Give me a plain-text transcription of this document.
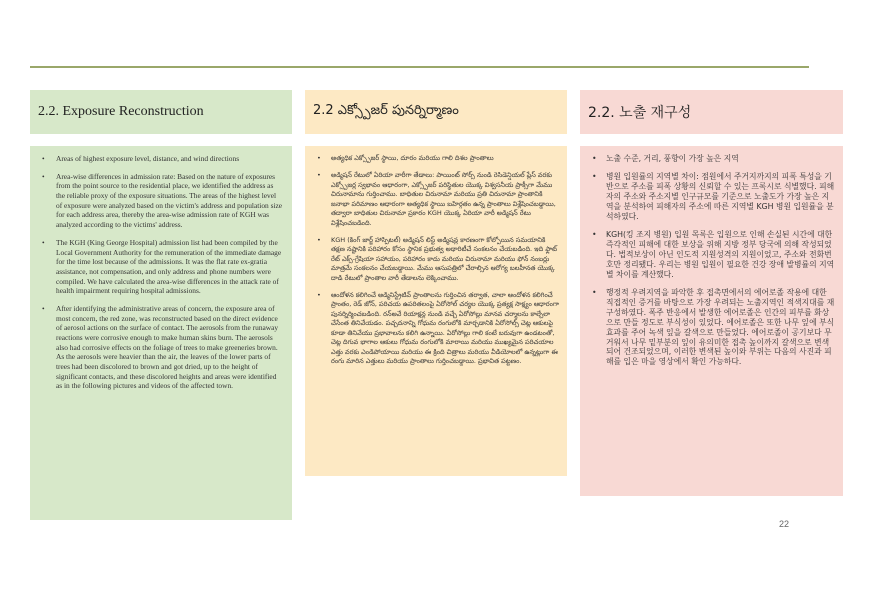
2.2. Exposure Reconstruction
• Areas of highest exposure level, distance, and wind directions
• Area-wise differences in admission rate: Based on the nature of exposures from the point source to the residential place, we identified the address as the reliable proxy of the exposure situations. The areas of the highest level of exposure were analyzed based on the victim's address and population size for each address area, thereby the area-wise admission rate of KGH was analyzed according to the victims' address.
• The KGH (King George Hospital) admission list had been compiled by the Local Government Authority for the remuneration of the immediate damage for the time lost because of the admissions. It was the flat rate ex-gratia assistance, not compensation, and only address and phone numbers were compiled. We have calculated the area-wise differences in the attack rate of health impairment requiring hospital admissions.
• After identifying the administrative areas of concern, the exposure area of most concern, the red zone, was reconstructed based on the direct evidence of aerosol actions on the surface of contact. The aerosols from the runaway reactions were corrosive enough to make human skins burn. The aerosols also had corrosive effects on the foliage of trees to make greeneries brown. As the aerosols were heavier than the air, the leaves of the lower parts of trees had been discolored to brown and got dried, up to the height of significant contacts, and these discolored heights and areas were identified as in the following pictures and videos of the affected town.
2.2 ఎక్స్పోజర్ పునర్నిర్మాణం
• అత్యధిక ఎక్స్పోజర్ స్థాయి, దూరం మరియు గాలి దిశల ప్రాంతాలు
• అడ్మిషన్ రేటులో ఏరియా వారీగా తేడాలు: పాయింట్ సోర్స్ నుండి రెసిడెన్షియల్ ప్లేస్ వరకు ఎక్స్పోజర్ల స్వభావం ఆధారంగా, ఎక్స్పోజర్ పరిస్థితుల యొక్క విశ్వసనీయ ప్రాక్సీగా మేము చిరునామాను గుర్తించాము. బాధితుల చిరునామా మరియు ప్రతి చిరునామా ప్రాంతానికి జనాభా పరిమాణం ఆధారంగా అత్యధిక స్థాయి బహిర్గతం ఉన్న ప్రాంతాలు విశ్లేషించబడ్డాయి, తద్వారా బాధితుల చిరునామా ప్రకారం KGH యొక్క ఏరియా వారీ అడ్మిషన్ రేటు విశ్లేషించబడింది.
• KGH (కింగ్ జార్జ్ హాస్పిటల్) అడ్మిషన్ లిస్ట్ అడ్మిషన్ల కారణంగా కోల్పోయిన సమయానికి తక్షణ నష్టానికి పరిహారం కోసం స్థానిక ప్రభుత్వ అథారిటీచే సంకలనం చేయబడింది. ఇది ఫ్లాట్ రేట్ ఎక్స్-గ్రేషియా సహాయం, పరిహారం కాదు మరియు చిరునామా మరియు ఫోన్ నంబర్లు మాత్రమే సంకలనం చేయబడ్డాయి. మేము ఆసుపత్రిలో చేరాల్సిన ఆరోగ్య బలహీనత యొక్క దాడి రేటులో ప్రాంతాల వారీ తేడాలను లెక్కించాము.
• ఆందోళన కలిగించే అడ్మినిస్ట్రేటివ్ ప్రాంతాలను గుర్తించిన తర్వాత, చాలా ఆందోళన కలిగించే ప్రాంతం, రెడ్ జోన్, పరిచయ ఉపరితలంపై ఏరోసోల్ చర్యల యొక్క ప్రత్యక్ష సాక్ష్యం ఆధారంగా పునర్నిర్మించబడింది. రన్‌అవే రియాక్షన్ల నుండి వచ్చే ఏరోసోల్లు మానవ చర్మాలను కాల్చేలా చేసేంత తినివేయడం. పచ్చదనాన్ని గోధుమ రంగులోకి మార్చడానికి ఏరోసోల్స్ చెట్ల ఆకులపై కూడా తినివేయు ప్రభావాలను కలిగి ఉన్నాయి. ఏరోసోల్లు గాలి కంటే బరువుగా ఉండటంతో, చెట్ల దిగువ భాగాల ఆకులు గోధుమ రంగులోకి మారాయి మరియు ముఖ్యమైన పరిచయాల ఎత్తు వరకు ఎండిపోయాయి మరియు ఈ క్రింది చిత్రాలు మరియు వీడియోలలో ఉన్నట్లుగా ఈ రంగు మారిన ఎత్తులు మరియు ప్రాంతాలు గుర్తించబడ్డాయి. ప్రభావిత పట్టణం.
2.2. 노출 재구성
• 노출 수준, 거리, 풍향이 가장 높은 지역
• 병원 입원률의 지역별 차이: 점원에서 주거지까지의 피폭 특성을 기반으로 주소를 피폭 상황의 신뢰할 수 있는 프록시로 식별했다. 피해자의 주소와 주소지별 인구규모를 기준으로 노출도가 가장 높은 지역을 분석하여 피해자의 주소에 따른 지역별 KGH 병원 입원률을 분석하였다.
• KGH(킹 조지 병원) 입원 목록은 입원으로 인해 손실된 시간에 대한 즉각적인 피해에 대한 보상을 위해 지방 정부 당국에 의해 작성되었다. 법적보상이 아닌 인도적 지원성격의 지원이었고, 주소와 전화번호만 정리됐다. 우리는 병원 입원이 필요한 건강 장애 발병률의 지역별 차이를 계산했다.
• 행정적 우려지역을 파악한 후 접촉면에서의 에어로졸 작용에 대한 직접적인 증거를 바탕으로 가장 우려되는 노출지역인 적색지대를 재구성하였다. 폭주 반응에서 발생한 에어로졸은 인간의 피부를 화상으로 만들 정도로 부식성이 있었다. 에어로졸은 또한 나무 잎에 부식 효과를 주어 녹색 잎을 갈색으로 만들었다. 에어로졸이 공기보다 무거워서 나무 밑부분의 잎이 유의미한 접촉 높이까지 갈색으로 변색되어 건조되었으며, 이러한 변색된 높이와 부위는 다음의 사진과 피해를 입은 마을 영상에서 확인 가능하다.
22
